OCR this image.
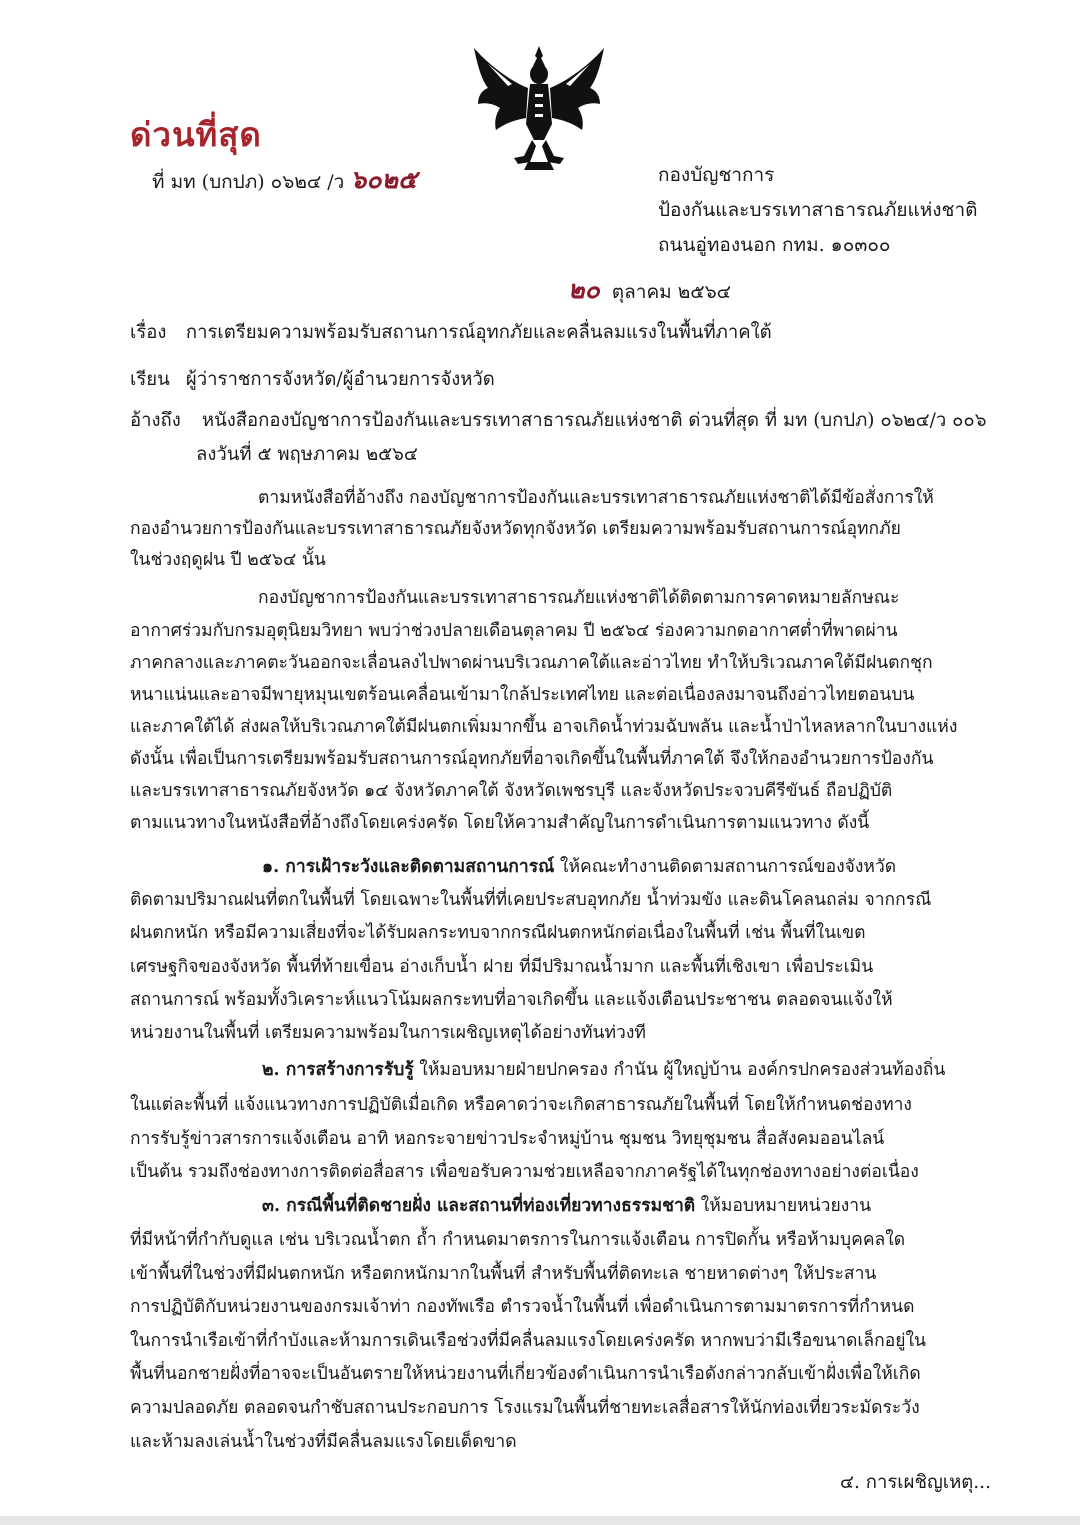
ด่วนที่สุด
ที่ มท (บกปภ) ๐๖๒๔ /ว ๖๐๒๕	กองบัญชาการ
ป้องกันและบรรเทาสาธารณภัยแห่งชาติ
ถนนอู่ทองนอก กทม. ๑๐๓๐๐
๒๐ ตุลาคม ๒๕๖๔
เรื่อง การเตรียมความพร้อมรับสถานการณ์อุทกภัยและคลื่นลมแรงในพื้นที่ภาคใต้
เรียน ผู้ว่าราชการจังหวัด/ผู้อำนวยการจังหวัด
อ้างถึง หนังสือกองบัญชาการป้องกันและบรรเทาสาธารณภัยแห่งชาติ ด่วนที่สุด ที่ มท (บกปภ) ๐๖๒๔/ว ๐๐๖
ลงวันที่ ๕ พฤษภาคม ๒๕๖๔
ตามหนังสือที่อ้างถึง กองบัญชาการป้องกันและบรรเทาสาธารณภัยแห่งชาติได้มีข้อสั่งการให้
กองอำนวยการป้องกันและบรรเทาสาธารณภัยจังหวัดทุกจังหวัด เตรียมความพร้อมรับสถานการณ์อุทกภัย
ในช่วงฤดูฝน ปี ๒๕๖๔ นั้น
กองบัญชาการป้องกันและบรรเทาสาธารณภัยแห่งชาติได้ติดตามการคาดหมายลักษณะ
อากาศร่วมกับกรมอุตุนิยมวิทยา พบว่าช่วงปลายเดือนตุลาคม ปี ๒๕๖๔ ร่องความกดอากาศต่ำที่พาดผ่าน
ภาคกลางและภาคตะวันออกจะเลื่อนลงไปพาดผ่านบริเวณภาคใต้และอ่าวไทย ทำให้บริเวณภาคใต้มีฝนตกชุก
หนาแน่นและอาจมีพายุหมุนเขตร้อนเคลื่อนเข้ามาใกล้ประเทศไทย และต่อเนื่องลงมาจนถึงอ่าวไทยตอนบน
และภาคใต้ได้ ส่งผลให้บริเวณภาคใต้มีฝนตกเพิ่มมากขึ้น อาจเกิดน้ำท่วมฉับพลัน และน้ำป่าไหลหลากในบางแห่ง
ดังนั้น เพื่อเป็นการเตรียมพร้อมรับสถานการณ์อุทกภัยที่อาจเกิดขึ้นในพื้นที่ภาคใต้ จึงให้กองอำนวยการป้องกัน
และบรรเทาสาธารณภัยจังหวัด ๑๔ จังหวัดภาคใต้ จังหวัดเพชรบุรี และจังหวัดประจวบคีรีขันธ์ ถือปฏิบัติ
ตามแนวทางในหนังสือที่อ้างถึงโดยเคร่งครัด โดยให้ความสำคัญในการดำเนินการตามแนวทาง ดังนี้
๑. การเฝ้าระวังและติดตามสถานการณ์ ให้คณะทำงานติดตามสถานการณ์ของจังหวัด
ติดตามปริมาณฝนที่ตกในพื้นที่ โดยเฉพาะในพื้นที่ที่เคยประสบอุทกภัย น้ำท่วมขัง และดินโคลนถล่ม จากกรณี
ฝนตกหนัก หรือมีความเสี่ยงที่จะได้รับผลกระทบจากกรณีฝนตกหนักต่อเนื่องในพื้นที่ เช่น พื้นที่ในเขต
เศรษฐกิจของจังหวัด พื้นที่ท้ายเขื่อน อ่างเก็บน้ำ ฝาย ที่มีปริมาณน้ำมาก และพื้นที่เชิงเขา เพื่อประเมิน
สถานการณ์ พร้อมทั้งวิเคราะห์แนวโน้มผลกระทบที่อาจเกิดขึ้น และแจ้งเตือนประชาชน ตลอดจนแจ้งให้
หน่วยงานในพื้นที่ เตรียมความพร้อมในการเผชิญเหตุได้อย่างทันท่วงที
๒. การสร้างการรับรู้ ให้มอบหมายฝ่ายปกครอง กำนัน ผู้ใหญ่บ้าน องค์กรปกครองส่วนท้องถิ่น
ในแต่ละพื้นที่ แจ้งแนวทางการปฏิบัติเมื่อเกิด หรือคาดว่าจะเกิดสาธารณภัยในพื้นที่ โดยให้กำหนดช่องทาง
การรับรู้ข่าวสารการแจ้งเตือน อาทิ หอกระจายข่าวประจำหมู่บ้าน ชุมชน วิทยุชุมชน สื่อสังคมออนไลน์
เป็นต้น รวมถึงช่องทางการติดต่อสื่อสาร เพื่อขอรับความช่วยเหลือจากภาครัฐได้ในทุกช่องทางอย่างต่อเนื่อง
๓. กรณีพื้นที่ติดชายฝั่ง และสถานที่ท่องเที่ยวทางธรรมชาติ ให้มอบหมายหน่วยงาน
ที่มีหน้าที่กำกับดูแล เช่น บริเวณน้ำตก ถ้ำ กำหนดมาตรการในการแจ้งเตือน การปิดกั้น หรือห้ามบุคคลใด
เข้าพื้นที่ในช่วงที่มีฝนตกหนัก หรือตกหนักมากในพื้นที่ สำหรับพื้นที่ติดทะเล ชายหาดต่างๆ ให้ประสาน
การปฏิบัติกับหน่วยงานของกรมเจ้าท่า กองทัพเรือ ตำรวจน้ำในพื้นที่ เพื่อดำเนินการตามมาตรการที่กำหนด
ในการนำเรือเข้าที่กำบังและห้ามการเดินเรือช่วงที่มีคลื่นลมแรงโดยเคร่งครัด หากพบว่ามีเรือขนาดเล็กอยู่ใน
พื้นที่นอกชายฝั่งที่อาจจะเป็นอันตรายให้หน่วยงานที่เกี่ยวข้องดำเนินการนำเรือดังกล่าวกลับเข้าฝั่งเพื่อให้เกิด
ความปลอดภัย ตลอดจนกำชับสถานประกอบการ โรงแรมในพื้นที่ชายทะเลสื่อสารให้นักท่องเที่ยวระมัดระวัง
และห้ามลงเล่นน้ำในช่วงที่มีคลื่นลมแรงโดยเด็ดขาด
๔. การเผชิญเหตุ...
